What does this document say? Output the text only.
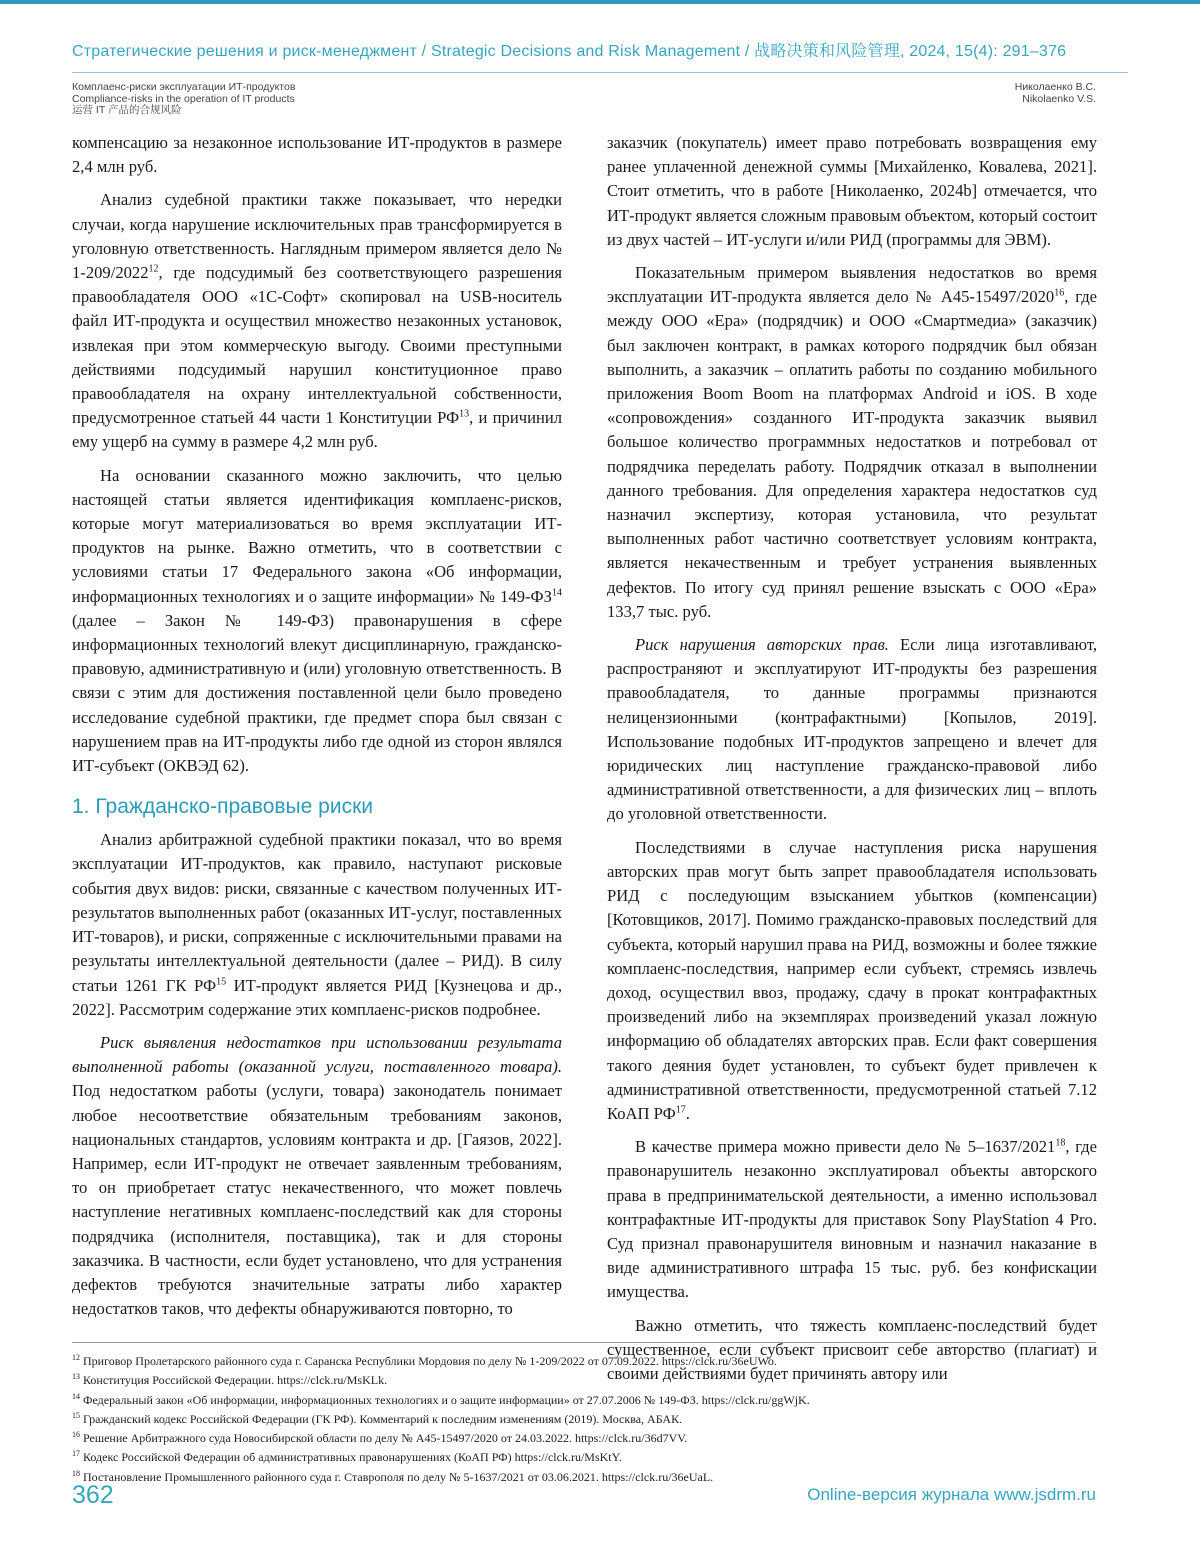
Стратегические решения и риск-менеджмент / Strategic Decisions and Risk Management / 战略决策和风险管理, 2024, 15(4): 291–376
Комплаенс-риски эксплуатации ИТ-продуктов
Compliance-risks in the operation of IT products
运营 IT 产品的合规风险
Николаенко В.С.
Nikolaenko V.S.

компенсацию за незаконное использование ИТ-продуктов в размере 2,4 млн руб.

Анализ судебной практики также показывает, что нередки случаи, когда нарушение исключительных прав трансформируется в уголовную ответственность. Наглядным примером является дело № 1-209/202212, где подсудимый без соответствующего разрешения правообладателя ООО «1С-Софт» скопировал на USB-носитель файл ИТ-продукта и осуществил множество незаконных установок, извлекая при этом коммерческую выгоду. Своими преступными действиями подсудимый нарушил конституционное право правообладателя на охрану интеллектуальной собственности, предусмотренное статьей 44 части 1 Конституции РФ13, и причинил ему ущерб на сумму в размере 4,2 млн руб.

На основании сказанного можно заключить, что целью настоящей статьи является идентификация комплаенс-рисков, которые могут материализоваться во время эксплуатации ИТ-продуктов на рынке. Важно отметить, что в соответствии с условиями статьи 17 Федерального закона «Об информации, информационных технологиях и о защите информации» № 149-ФЗ14 (далее – Закон № 149-ФЗ) правонарушения в сфере информационных технологий влекут дисциплинарную, гражданско-правовую, административную и (или) уголовную ответственность. В связи с этим для достижения поставленной цели было проведено исследование судебной практики, где предмет спора был связан с нарушением прав на ИТ-продукты либо где одной из сторон являлся ИТ-субъект (ОКВЭД 62).

1. Гражданско-правовые риски

Анализ арбитражной судебной практики показал, что во время эксплуатации ИТ-продуктов, как правило, наступают рисковые события двух видов: риски, связанные с качеством полученных ИТ-результатов выполненных работ (оказанных ИТ-услуг, поставленных ИТ-товаров), и риски, сопряженные с исключительными правами на результаты интеллектуальной деятельности (далее – РИД). В силу статьи 1261 ГК РФ15 ИТ-продукт является РИД [Кузнецова и др., 2022]. Рассмотрим содержание этих комплаенс-рисков подробнее.

Риск выявления недостатков при использовании результата выполненной работы (оказанной услуги, поставленного товара). Под недостатком работы (услуги, товара) законодатель понимает любое несоответствие обязательным требованиям законов, национальных стандартов, условиям контракта и др. [Гаязов, 2022]. Например, если ИТ-продукт не отвечает заявленным требованиям, то он приобретает статус некачественного, что может повлечь наступление негативных комплаенс-последствий как для стороны подрядчика (исполнителя, поставщика), так и для стороны заказчика. В частности, если будет установлено, что для устранения дефектов требуются значительные затраты либо характер недостатков таков, что дефекты обнаруживаются повторно, то

заказчик (покупатель) имеет право потребовать возвращения ему ранее уплаченной денежной суммы [Михайленко, Ковалева, 2021]. Стоит отметить, что в работе [Николаенко, 2024b] отмечается, что ИТ-продукт является сложным правовым объектом, который состоит из двух частей – ИТ-услуги и/или РИД (программы для ЭВМ).

Показательным примером выявления недостатков во время эксплуатации ИТ-продукта является дело № А45-15497/202016, где между ООО «Ера» (подрядчик) и ООО «Смартмедиа» (заказчик) был заключен контракт, в рамках которого подрядчик был обязан выполнить, а заказчик – оплатить работы по созданию мобильного приложения Boom Boom на платформах Android и iOS. В ходе «сопровождения» созданного ИТ-продукта заказчик выявил большое количество программных недостатков и потребовал от подрядчика переделать работу. Подрядчик отказал в выполнении данного требования. Для определения характера недостатков суд назначил экспертизу, которая установила, что результат выполненных работ частично соответствует условиям контракта, является некачественным и требует устранения выявленных дефектов. По итогу суд принял решение взыскать с ООО «Ера» 133,7 тыс. руб.

Риск нарушения авторских прав. Если лица изготавливают, распространяют и эксплуатируют ИТ-продукты без разрешения правообладателя, то данные программы признаются нелицензионными (контрафактными) [Копылов, 2019]. Использование подобных ИТ-продуктов запрещено и влечет для юридических лиц наступление гражданско-правовой либо административной ответственности, а для физических лиц – вплоть до уголовной ответственности.

Последствиями в случае наступления риска нарушения авторских прав могут быть запрет правообладателя использовать РИД с последующим взысканием убытков (компенсации) [Котовщиков, 2017]. Помимо гражданско-правовых последствий для субъекта, который нарушил права на РИД, возможны и более тяжкие комплаенс-последствия, например если субъект, стремясь извлечь доход, осуществил ввоз, продажу, сдачу в прокат контрафактных произведений либо на экземплярах произведений указал ложную информацию об обладателях авторских прав. Если факт совершения такого деяния будет установлен, то субъект будет привлечен к административной ответственности, предусмотренной статьей 7.12 КоАП РФ17.

В качестве примера можно привести дело № 5–1637/202118, где правонарушитель незаконно эксплуатировал объекты авторского права в предпринимательской деятельности, а именно использовал контрафактные ИТ-продукты для приставок Sony PlayStation 4 Pro. Суд признал правонарушителя виновным и назначил наказание в виде административного штрафа 15 тыс. руб. без конфискации имущества.

Важно отметить, что тяжесть комплаенс-последствий будет существенное, если субъект присвоит себе авторство (плагиат) и своими действиями будет причинять автору или

12 Приговор Пролетарского районного суда г. Саранска Республики Мордовия по делу № 1-209/2022 от 07.09.2022. https://clck.ru/36eUWo.
13 Конституция Российской Федерации. https://clck.ru/MsKLk.
14 Федеральный закон «Об информации, информационных технологиях и о защите информации» от 27.07.2006 № 149-ФЗ. https://clck.ru/ggWjK.
15 Гражданский кодекс Российской Федерации (ГК РФ). Комментарий к последним изменениям (2019). Москва, АБАК.
16 Решение Арбитражного суда Новосибирской области по делу № А45-15497/2020 от 24.03.2022. https://clck.ru/36d7VV.
17 Кодекс Российской Федерации об административных правонарушениях (КоАП РФ) https://clck.ru/MsKtY.
18 Постановление Промышленного районного суда г. Ставрополя по делу № 5-1637/2021 от 03.06.2021. https://clck.ru/36eUaL.
362	Online-версия журнала www.jsdrm.ru
